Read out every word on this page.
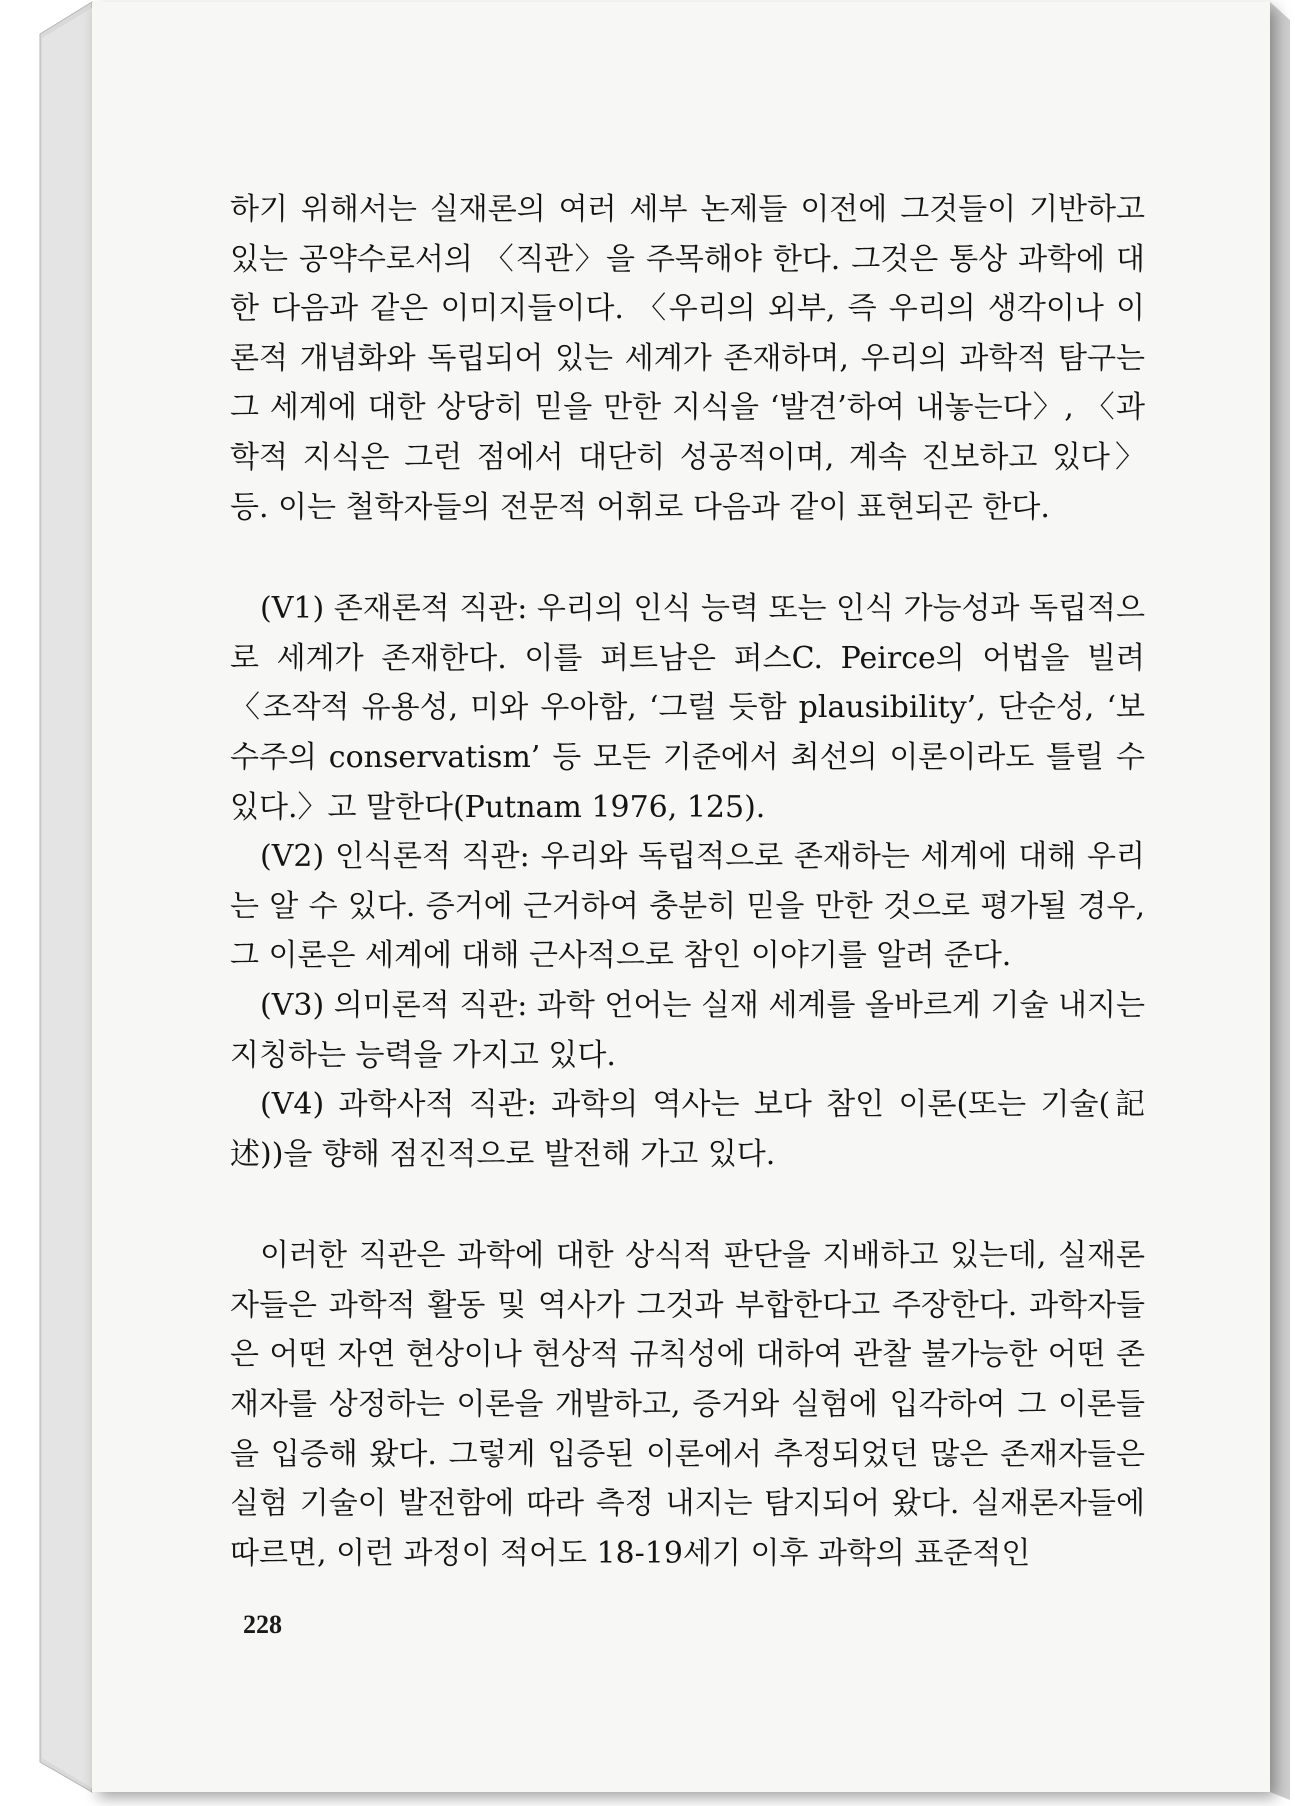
하기 위해서는 실재론의 여러 세부 논제들 이전에 그것들이 기반하고 있는 공약수로서의 〈직관〉을 주목해야 한다. 그것은 통상 과학에 대한 다음과 같은 이미지들이다. 〈우리의 외부, 즉 우리의 생각이나 이론적 개념화와 독립되어 있는 세계가 존재하며, 우리의 과학적 탐구는 그 세계에 대한 상당히 믿을 만한 지식을 ‘발견’하여 내놓는다〉, 〈과학적 지식은 그런 점에서 대단히 성공적이며, 계속 진보하고 있다〉 등. 이는 철학자들의 전문적 어휘로 다음과 같이 표현되곤 한다.

(V1) 존재론적 직관: 우리의 인식 능력 또는 인식 가능성과 독립적으로 세계가 존재한다. 이를 퍼트남은 퍼스C. Peirce의 어법을 빌려 〈조작적 유용성, 미와 우아함, ‘그럴 듯함 plausibility’, 단순성, ‘보수주의 conservatism’ 등 모든 기준에서 최선의 이론이라도 틀릴 수 있다.〉고 말한다(Putnam 1976, 125).

(V2) 인식론적 직관: 우리와 독립적으로 존재하는 세계에 대해 우리는 알 수 있다. 증거에 근거하여 충분히 믿을 만한 것으로 평가될 경우, 그 이론은 세계에 대해 근사적으로 참인 이야기를 알려 준다.

(V3) 의미론적 직관: 과학 언어는 실재 세계를 올바르게 기술 내지는 지칭하는 능력을 가지고 있다.

(V4) 과학사적 직관: 과학의 역사는 보다 참인 이론(또는 기술(記述))을 향해 점진적으로 발전해 가고 있다.

이러한 직관은 과학에 대한 상식적 판단을 지배하고 있는데, 실재론자들은 과학적 활동 및 역사가 그것과 부합한다고 주장한다. 과학자들은 어떤 자연 현상이나 현상적 규칙성에 대하여 관찰 불가능한 어떤 존재자를 상정하는 이론을 개발하고, 증거와 실험에 입각하여 그 이론들을 입증해 왔다. 그렇게 입증된 이론에서 추정되었던 많은 존재자들은 실험 기술이 발전함에 따라 측정 내지는 탐지되어 왔다. 실재론자들에 따르면, 이런 과정이 적어도 18-19세기 이후 과학의 표준적인

228
